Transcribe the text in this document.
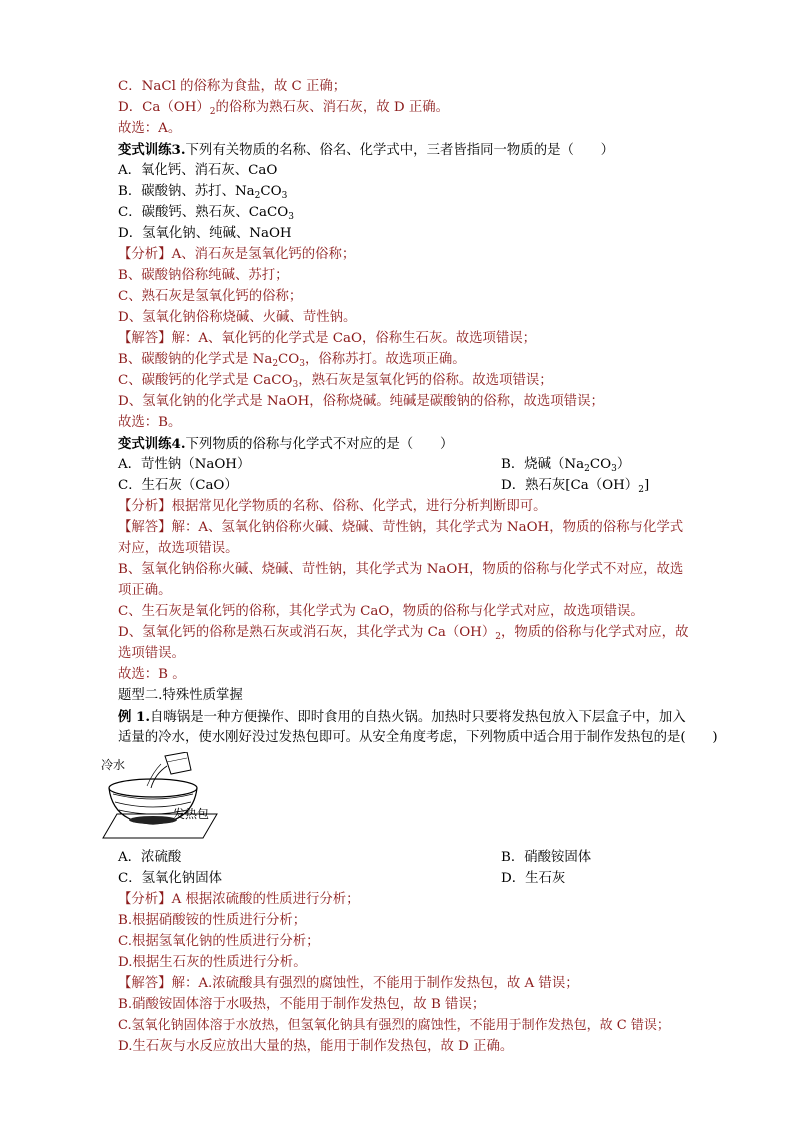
C．NaCl 的俗称为食盐，故 C 正确；
D．$Ca(OH)_2$的俗称为熟石灰、消石灰，故 D 正确。
故选：A。
变式训练3.下列有关物质的名称、俗名、化学式中，三者皆指同一物质的是（　　）
A．氧化钙、消石灰、CaO
B．碳酸钠、苏打、$Na_2CO_3$
C．碳酸钙、熟石灰、CaCO$_3$
D．氢氧化钠、纯碱、NaOH
【分析】A、消石灰是氢氧化钙的俗称；
B、碳酸钠俗称纯碱、苏打；
C、熟石灰是氢氧化钙的俗称；
D、氢氧化钠俗称烧碱、火碱、苛性钠。
【解答】解：A、氧化钙的化学式是 CaO，俗称生石灰。故选项错误；
B、碳酸钠的化学式是 $Na_2CO_3$，俗称苏打。故选项正确。
C、碳酸钙的化学式是 CaCO$_3$，熟石灰是氢氧化钙的俗称。故选项错误；
D、氢氧化钠的化学式是 NaOH，俗称烧碱。纯碱是碳酸钠的俗称，故选项错误；
故选：B。
变式训练4.下列物质的俗称与化学式不对应的是（　　）
A．苛性钠（NaOH）	B．烧碱$(Na_2CO_3)$
C．生石灰（CaO）	D．熟石灰$[Ca(OH)_2]$
【分析】根据常见化学物质的名称、俗称、化学式，进行分析判断即可。
【解答】解：A、氢氧化钠俗称火碱、烧碱、苛性钠，其化学式为 NaOH，物质的俗称与化学式
对应，故选项错误。
B、氢氧化钠俗称火碱、烧碱、苛性钠，其化学式为 NaOH，物质的俗称与化学式不对应，故选
项正确。
C、生石灰是氧化钙的俗称，其化学式为 CaO，物质的俗称与化学式对应，故选项错误。
D、氢氧化钙的俗称是熟石灰或消石灰，其化学式为 $Ca(OH)_2$，物质的俗称与化学式对应，故
选项错误。
故选：B 。
题型二.特殊性质掌握
例 1.自嗨锅是一种方便操作、即时食用的自热火锅。加热时只要将发热包放入下层盒子中，加入
适量的冷水，使水刚好没过发热包即可。从安全角度考虑，下列物质中适合用于制作发热包的是(　　)
冷水
发热包
A．浓硫酸	B．硝酸铵固体
C．氢氧化钠固体	D．生石灰
【分析】A 根据浓硫酸的性质进行分析；
B.根据硝酸铵的性质进行分析；
C.根据氢氧化钠的性质进行分析；
D.根据生石灰的性质进行分析。
【解答】解：A.浓硫酸具有强烈的腐蚀性，不能用于制作发热包，故 A 错误；
B.硝酸铵固体溶于水吸热，不能用于制作发热包，故 B 错误；
C.氢氧化钠固体溶于水放热，但氢氧化钠具有强烈的腐蚀性，不能用于制作发热包，故 C 错误；
D.生石灰与水反应放出大量的热，能用于制作发热包，故 D 正确。
